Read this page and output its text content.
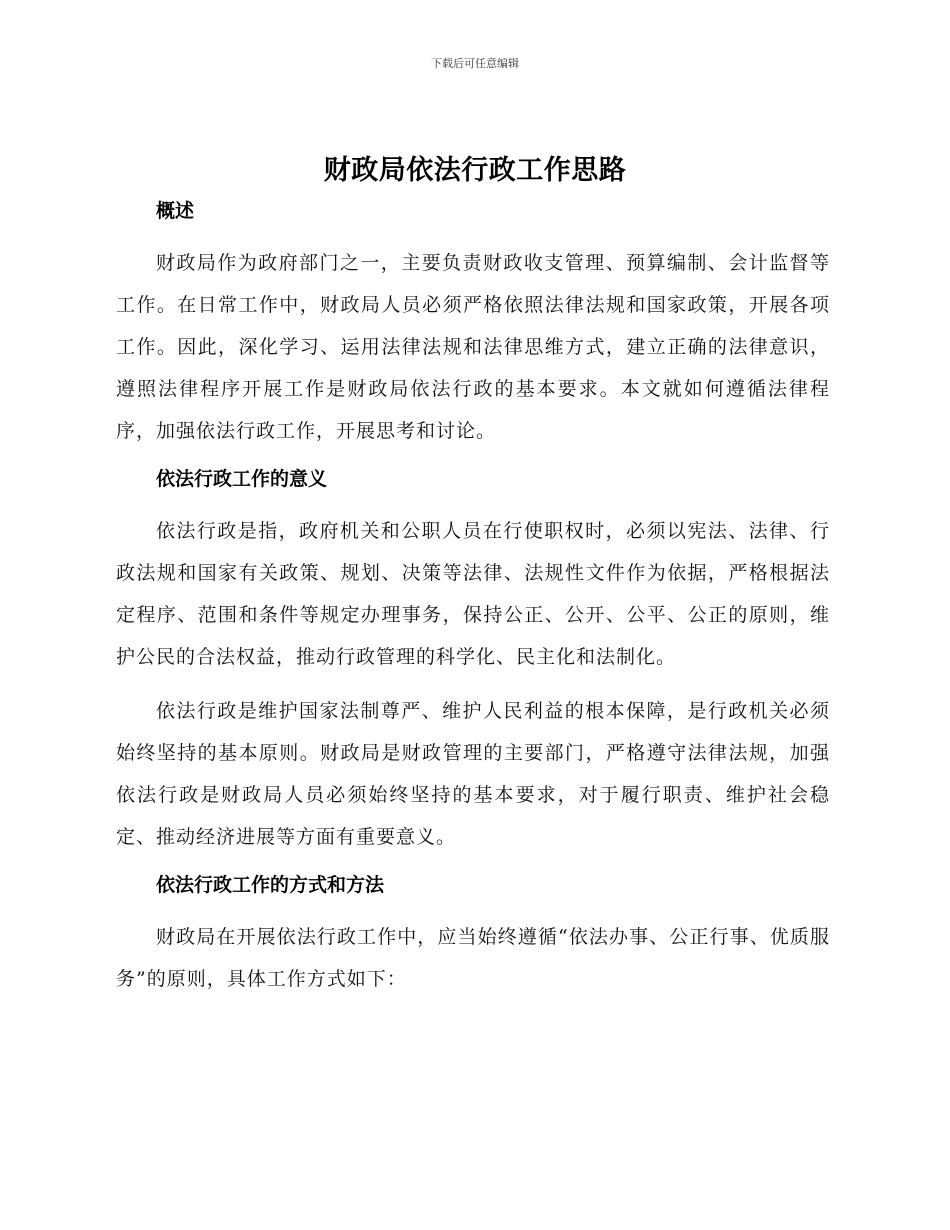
下载后可任意编辑
财政局依法行政工作思路
概述

财政局作为政府部门之一，主要负责财政收支管理、预算编制、会计监督等工作。在日常工作中，财政局人员必须严格依照法律法规和国家政策，开展各项工作。因此，深化学习、运用法律法规和法律思维方式，建立正确的法律意识，遵照法律程序开展工作是财政局依法行政的基本要求。本文就如何遵循法律程序，加强依法行政工作，开展思考和讨论。

依法行政工作的意义

依法行政是指，政府机关和公职人员在行使职权时，必须以宪法、法律、行政法规和国家有关政策、规划、决策等法律、法规性文件作为依据，严格根据法定程序、范围和条件等规定办理事务，保持公正、公开、公平、公正的原则，维护公民的合法权益，推动行政管理的科学化、民主化和法制化。

依法行政是维护国家法制尊严、维护人民利益的根本保障，是行政机关必须始终坚持的基本原则。财政局是财政管理的主要部门，严格遵守法律法规，加强依法行政是财政局人员必须始终坚持的基本要求，对于履行职责、维护社会稳定、推动经济进展等方面有重要意义。

依法行政工作的方式和方法

财政局在开展依法行政工作中，应当始终遵循“依法办事、公正行事、优质服务”的原则，具体工作方式如下：
